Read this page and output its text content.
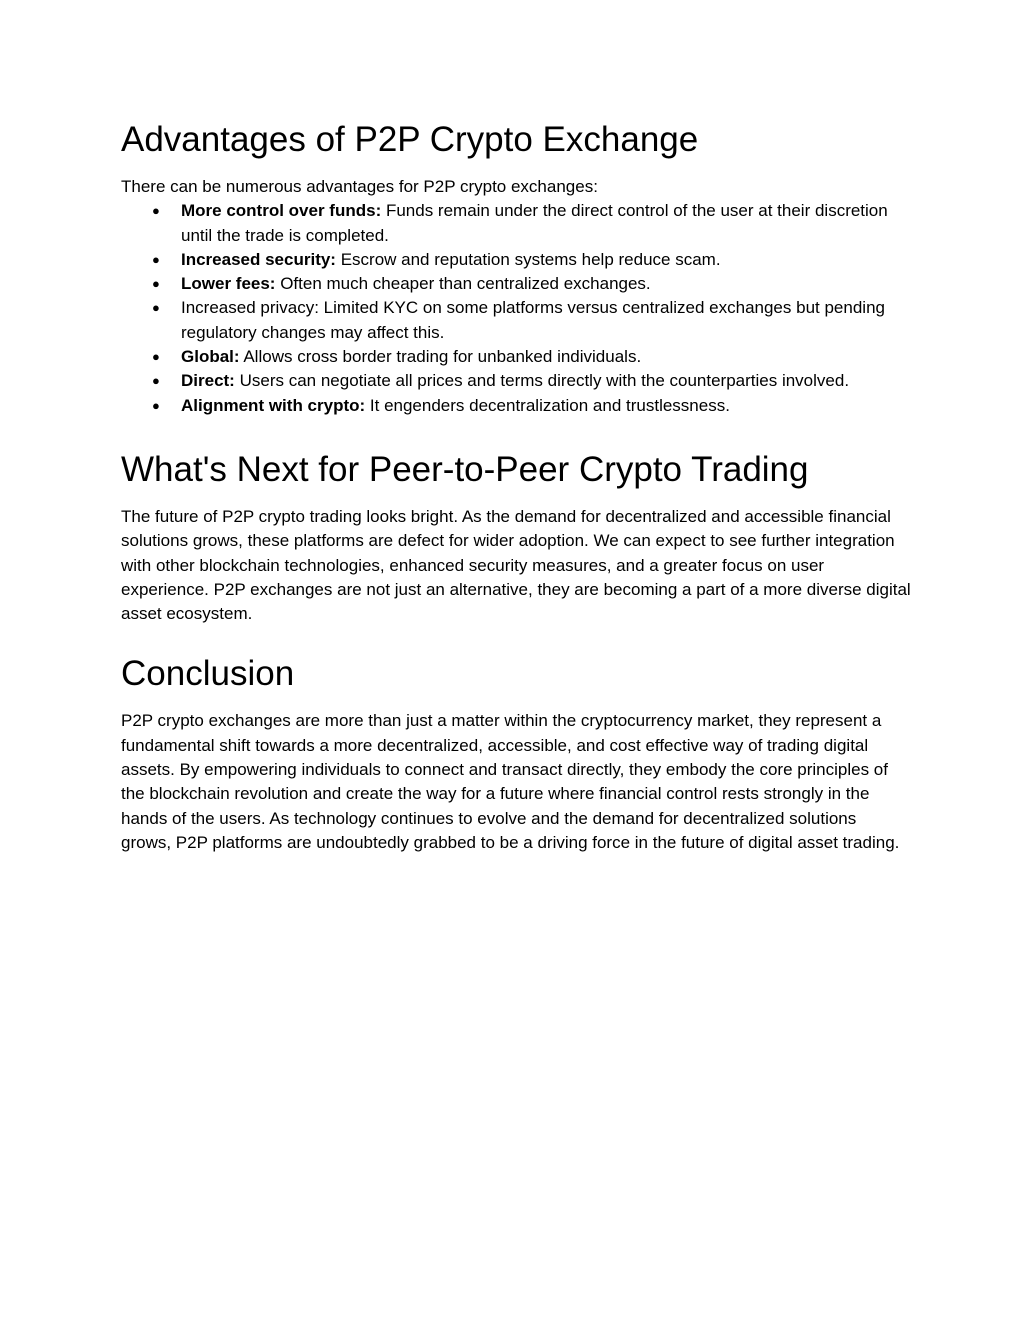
Advantages of P2P Crypto Exchange

There can be numerous advantages for P2P crypto exchanges:

● More control over funds: Funds remain under the direct control of the user at their discretion until the trade is completed.
● Increased security: Escrow and reputation systems help reduce scam.
● Lower fees: Often much cheaper than centralized exchanges.
● Increased privacy: Limited KYC on some platforms versus centralized exchanges but pending regulatory changes may affect this.
● Global: Allows cross border trading for unbanked individuals.
● Direct: Users can negotiate all prices and terms directly with the counterparties involved.
● Alignment with crypto: It engenders decentralization and trustlessness.
What's Next for Peer-to-Peer Crypto Trading

The future of P2P crypto trading looks bright. As the demand for decentralized and accessible financial solutions grows, these platforms are defect for wider adoption. We can expect to see further integration with other blockchain technologies, enhanced security measures, and a greater focus on user experience. P2P exchanges are not just an alternative, they are becoming a part of a more diverse digital asset ecosystem.

Conclusion

P2P crypto exchanges are more than just a matter within the cryptocurrency market, they represent a fundamental shift towards a more decentralized, accessible, and cost effective way of trading digital assets. By empowering individuals to connect and transact directly, they embody the core principles of the blockchain revolution and create the way for a future where financial control rests strongly in the hands of the users. As technology continues to evolve and the demand for decentralized solutions grows, P2P platforms are undoubtedly grabbed to be a driving force in the future of digital asset trading.
